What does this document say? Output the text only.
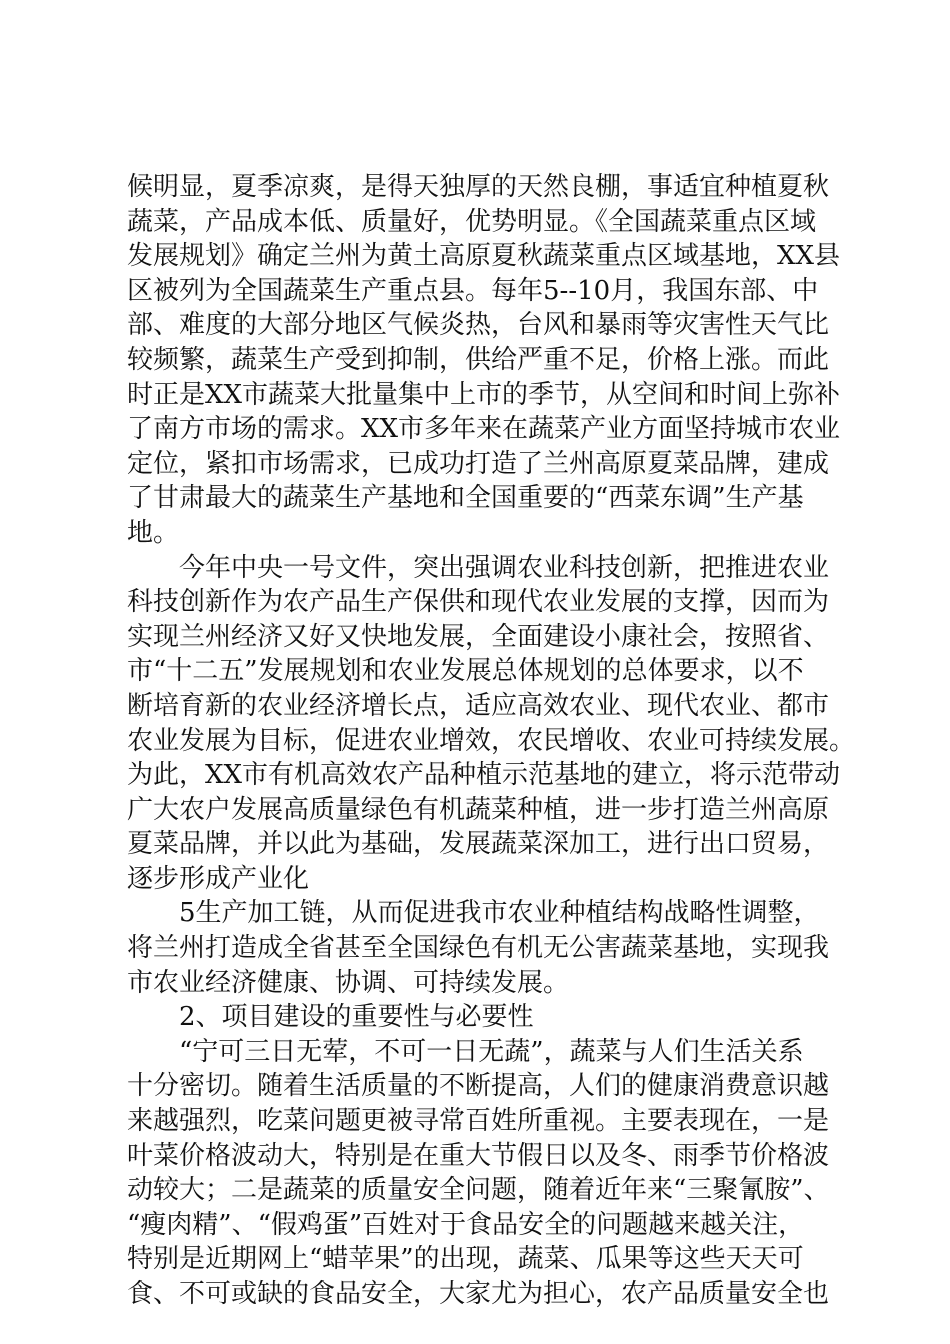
候明显，夏季凉爽，是得天独厚的天然良棚，事适宜种植夏秋
蔬菜，产品成本低、质量好，优势明显。《全国蔬菜重点区域
发展规划》确定兰州为黄土高原夏秋蔬菜重点区域基地，XX县
区被列为全国蔬菜生产重点县。每年5--10月，我国东部、中
部、难度的大部分地区气候炎热，台风和暴雨等灾害性天气比
较频繁，蔬菜生产受到抑制，供给严重不足，价格上涨。而此
时正是XX市蔬菜大批量集中上市的季节，从空间和时间上弥补
了南方市场的需求。XX市多年来在蔬菜产业方面坚持城市农业
定位，紧扣市场需求，已成功打造了兰州高原夏菜品牌，建成
了甘肃最大的蔬菜生产基地和全国重要的“西菜东调”生产基
地。
今年中央一号文件，突出强调农业科技创新，把推进农业
科技创新作为农产品生产保供和现代农业发展的支撑，因而为
实现兰州经济又好又快地发展，全面建设小康社会，按照省、
市“十二五”发展规划和农业发展总体规划的总体要求，以不
断培育新的农业经济增长点，适应高效农业、现代农业、都市
农业发展为目标，促进农业增效，农民增收、农业可持续发展。
为此，XX市有机高效农产品种植示范基地的建立，将示范带动
广大农户发展高质量绿色有机蔬菜种植，进一步打造兰州高原
夏菜品牌，并以此为基础，发展蔬菜深加工，进行出口贸易，
逐步形成产业化
5生产加工链，从而促进我市农业种植结构战略性调整，
将兰州打造成全省甚至全国绿色有机无公害蔬菜基地，实现我
市农业经济健康、协调、可持续发展。
2、项目建设的重要性与必要性
“宁可三日无荤，不可一日无蔬”，蔬菜与人们生活关系
十分密切。随着生活质量的不断提高，人们的健康消费意识越
来越强烈，吃菜问题更被寻常百姓所重视。主要表现在，一是
叶菜价格波动大，特别是在重大节假日以及冬、雨季节价格波
动较大；二是蔬菜的质量安全问题，随着近年来“三聚氰胺”、
“瘦肉精”、“假鸡蛋”百姓对于食品安全的问题越来越关注，
特别是近期网上“蜡苹果”的出现，蔬菜、瓜果等这些天天可
食、不可或缺的食品安全，大家尤为担心，农产品质量安全也
